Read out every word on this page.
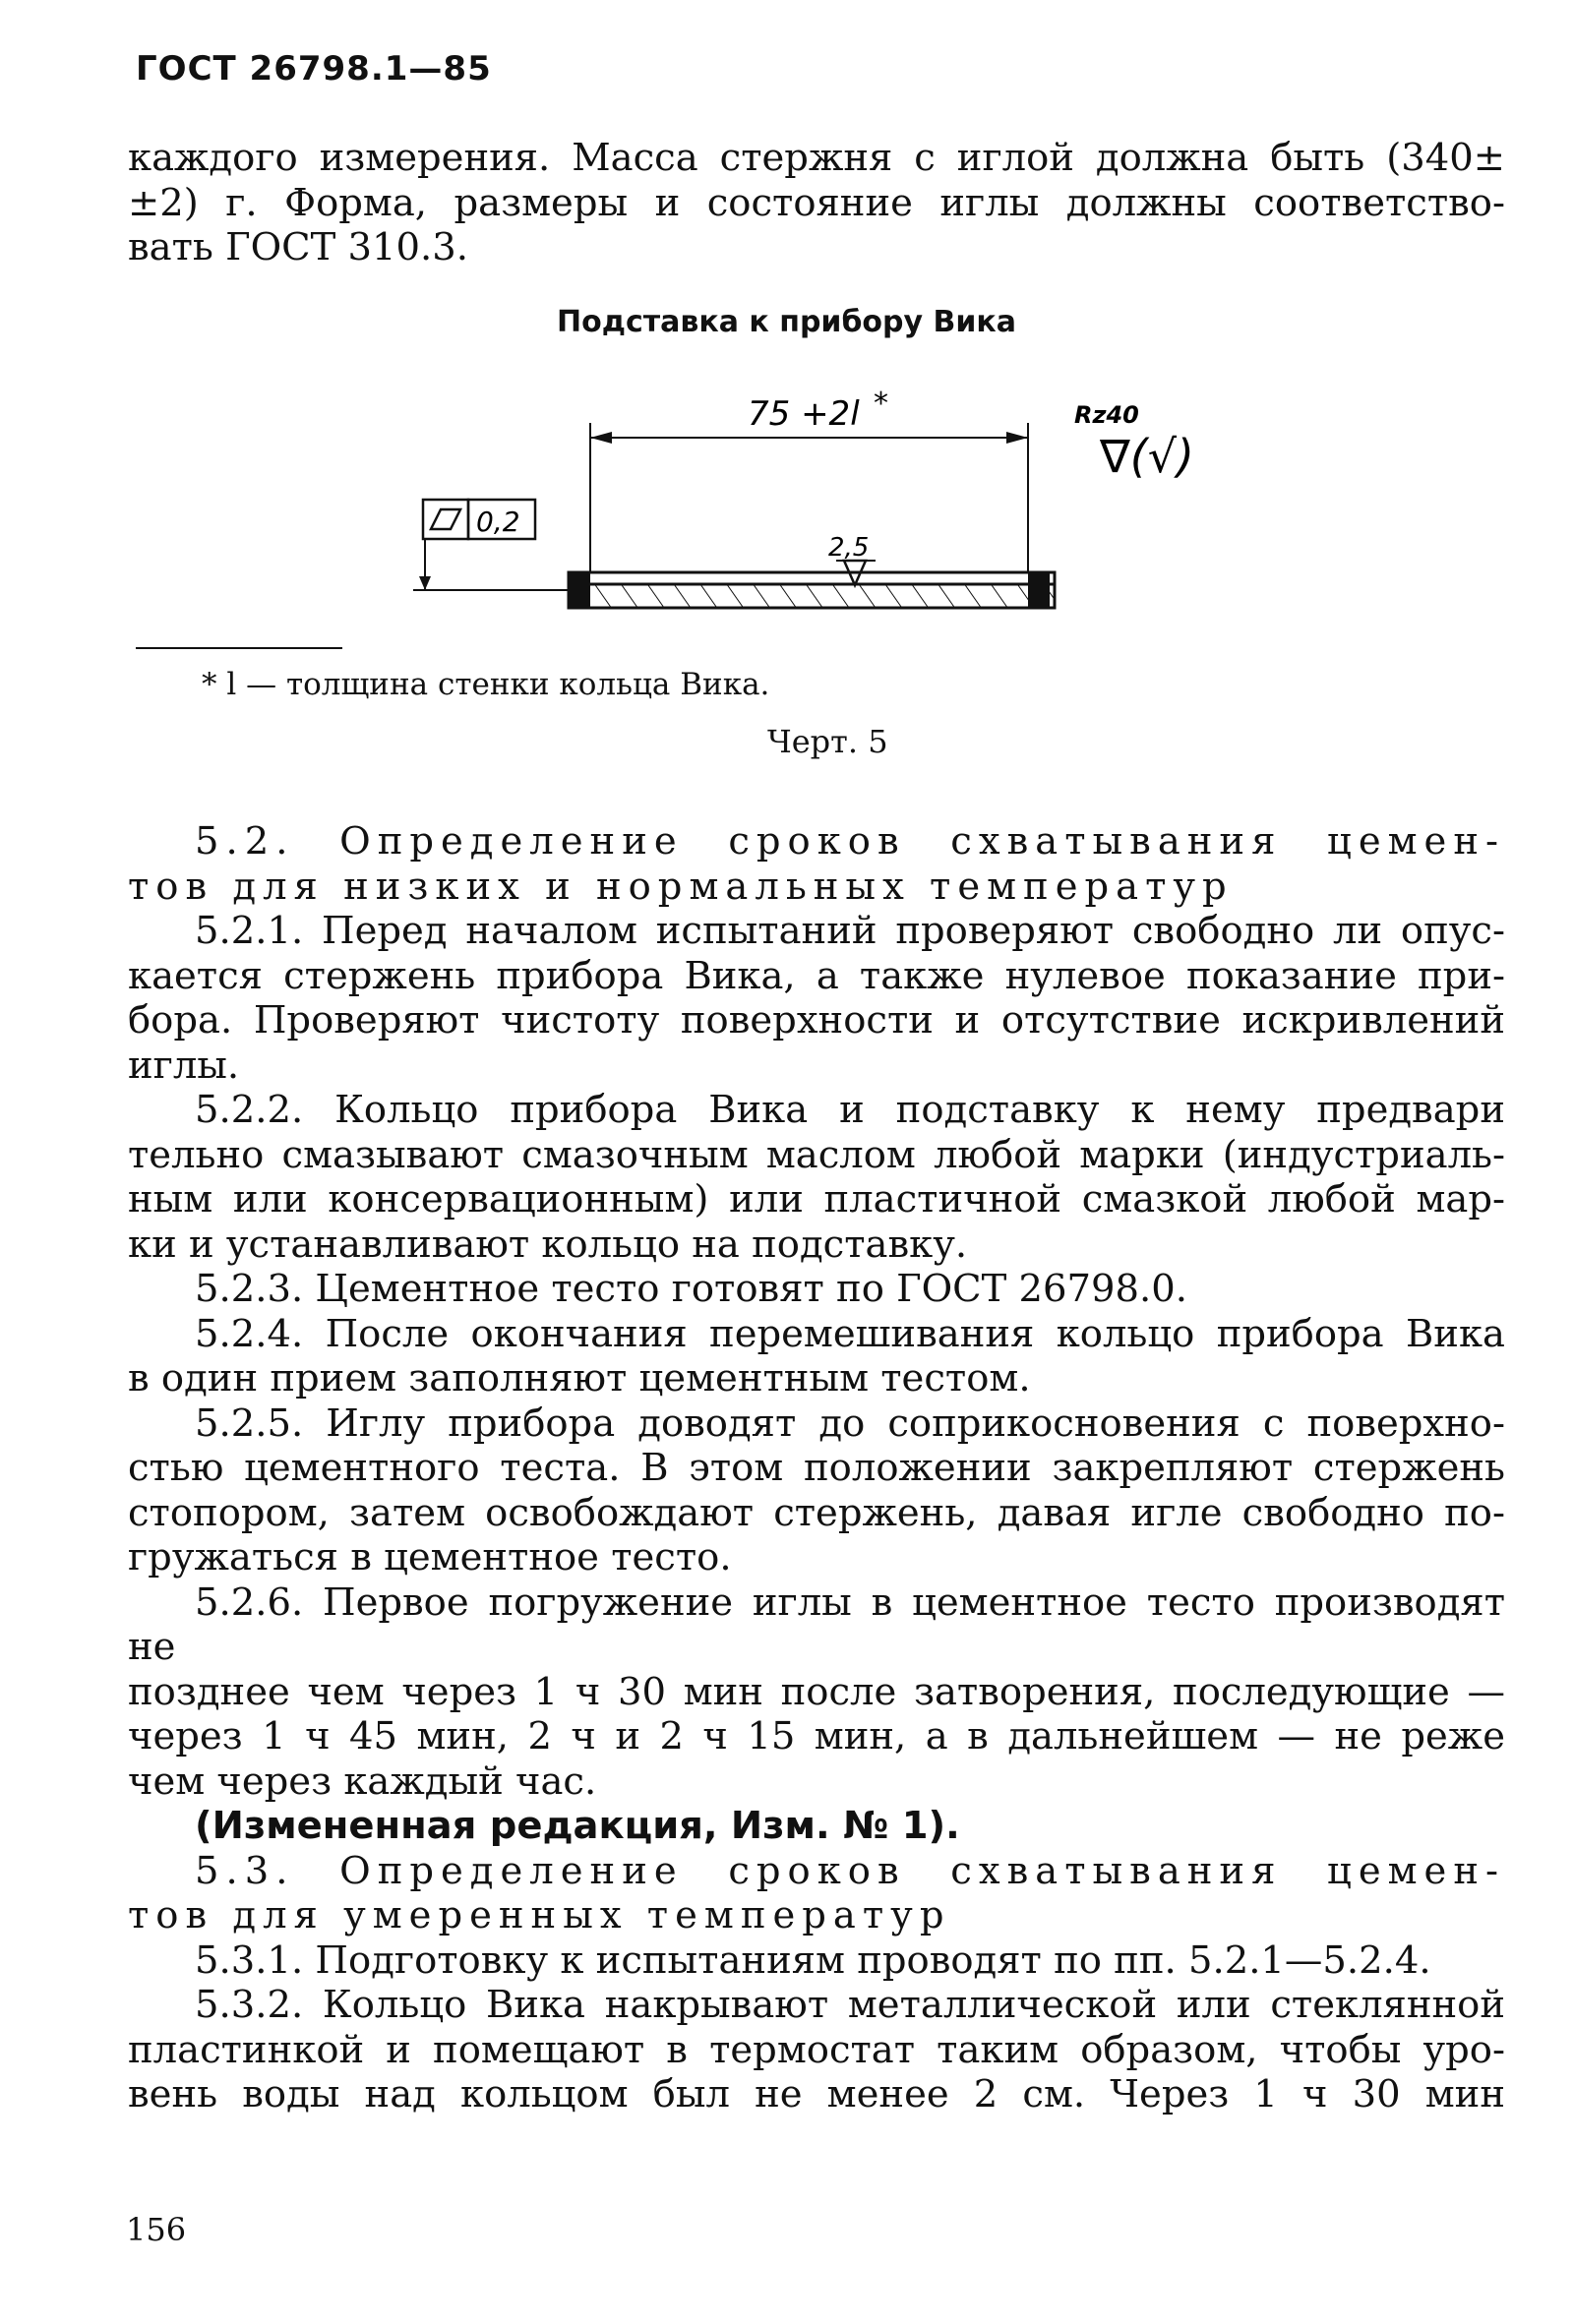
ГОСТ 26798.1—85

каждого измерения. Масса стержня с иглой должна быть (340±

±2) г. Форма, размеры и состояние иглы должны соответство-

вать ГОСТ 310.3.

Подставка к прибору Вика
75 +2l *
2,5
0,2
Rz40
∇(√)
* l — толщина стенки кольца Вика.
Черт. 5

5.2. Определение сроков схватывания цемен-

тов для низких и нормальных температур

5.2.1. Перед началом испытаний проверяют свободно ли опус-

кается стержень прибора Вика, а также нулевое показание при-

бора. Проверяют чистоту поверхности и отсутствие искривлений

иглы.

5.2.2. Кольцо прибора Вика и подставку к нему предвари

тельно смазывают смазочным маслом любой марки (индустриаль-

ным или консервационным) или пластичной смазкой любой мар-

ки и устанавливают кольцо на подставку.

5.2.3. Цементное тесто готовят по ГОСТ 26798.0.

5.2.4. После окончания перемешивания кольцо прибора Вика

в один прием заполняют цементным тестом.

5.2.5. Иглу прибора доводят до соприкосновения с поверхно-

стью цементного теста. В этом положении закрепляют стержень

стопором, затем освобождают стержень, давая игле свободно по-

гружаться в цементное тесто.

5.2.6. Первое погружение иглы в цементное тесто производят не

позднее чем через 1 ч 30 мин после затворения, последующие —

через 1 ч 45 мин, 2 ч и 2 ч 15 мин, а в дальнейшем — не реже

чем через каждый час.

(Измененная редакция, Изм. № 1).

5.3. Определение сроков схватывания цемен-

тов для умеренных температур

5.3.1. Подготовку к испытаниям проводят по пп. 5.2.1—5.2.4.

5.3.2. Кольцо Вика накрывают металлической или стеклянной

пластинкой и помещают в термостат таким образом, чтобы уро-

вень воды над кольцом был не менее 2 см. Через 1 ч 30 мин

156
